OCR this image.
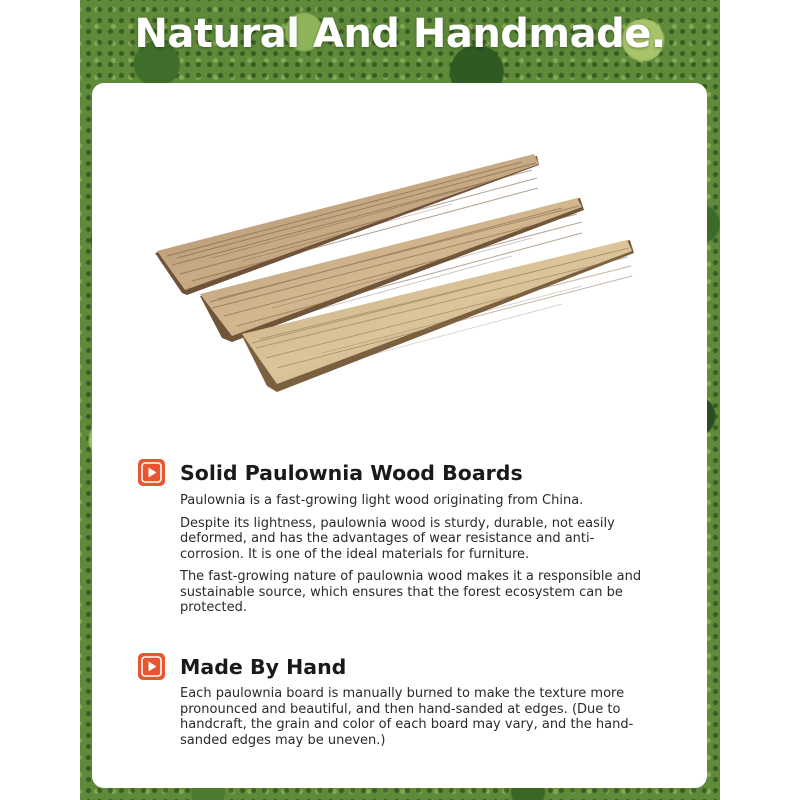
Natural And Handmade.
Solid Paulownia Wood Boards

Paulownia is a fast-growing light wood originating from China.

Despite its lightness, paulownia wood is sturdy, durable, not easily deformed, and has the advantages of wear resistance and anti-corrosion. It is one of the ideal materials for furniture.

The fast-growing nature of paulownia wood makes it a responsible and sustainable source, which ensures that the forest ecosystem can be protected.

Made By Hand

Each paulownia board is manually burned to make the texture more pronounced and beautiful, and then hand-sanded at edges. (Due to handcraft, the grain and color of each board may vary, and the hand-sanded edges may be uneven.)
